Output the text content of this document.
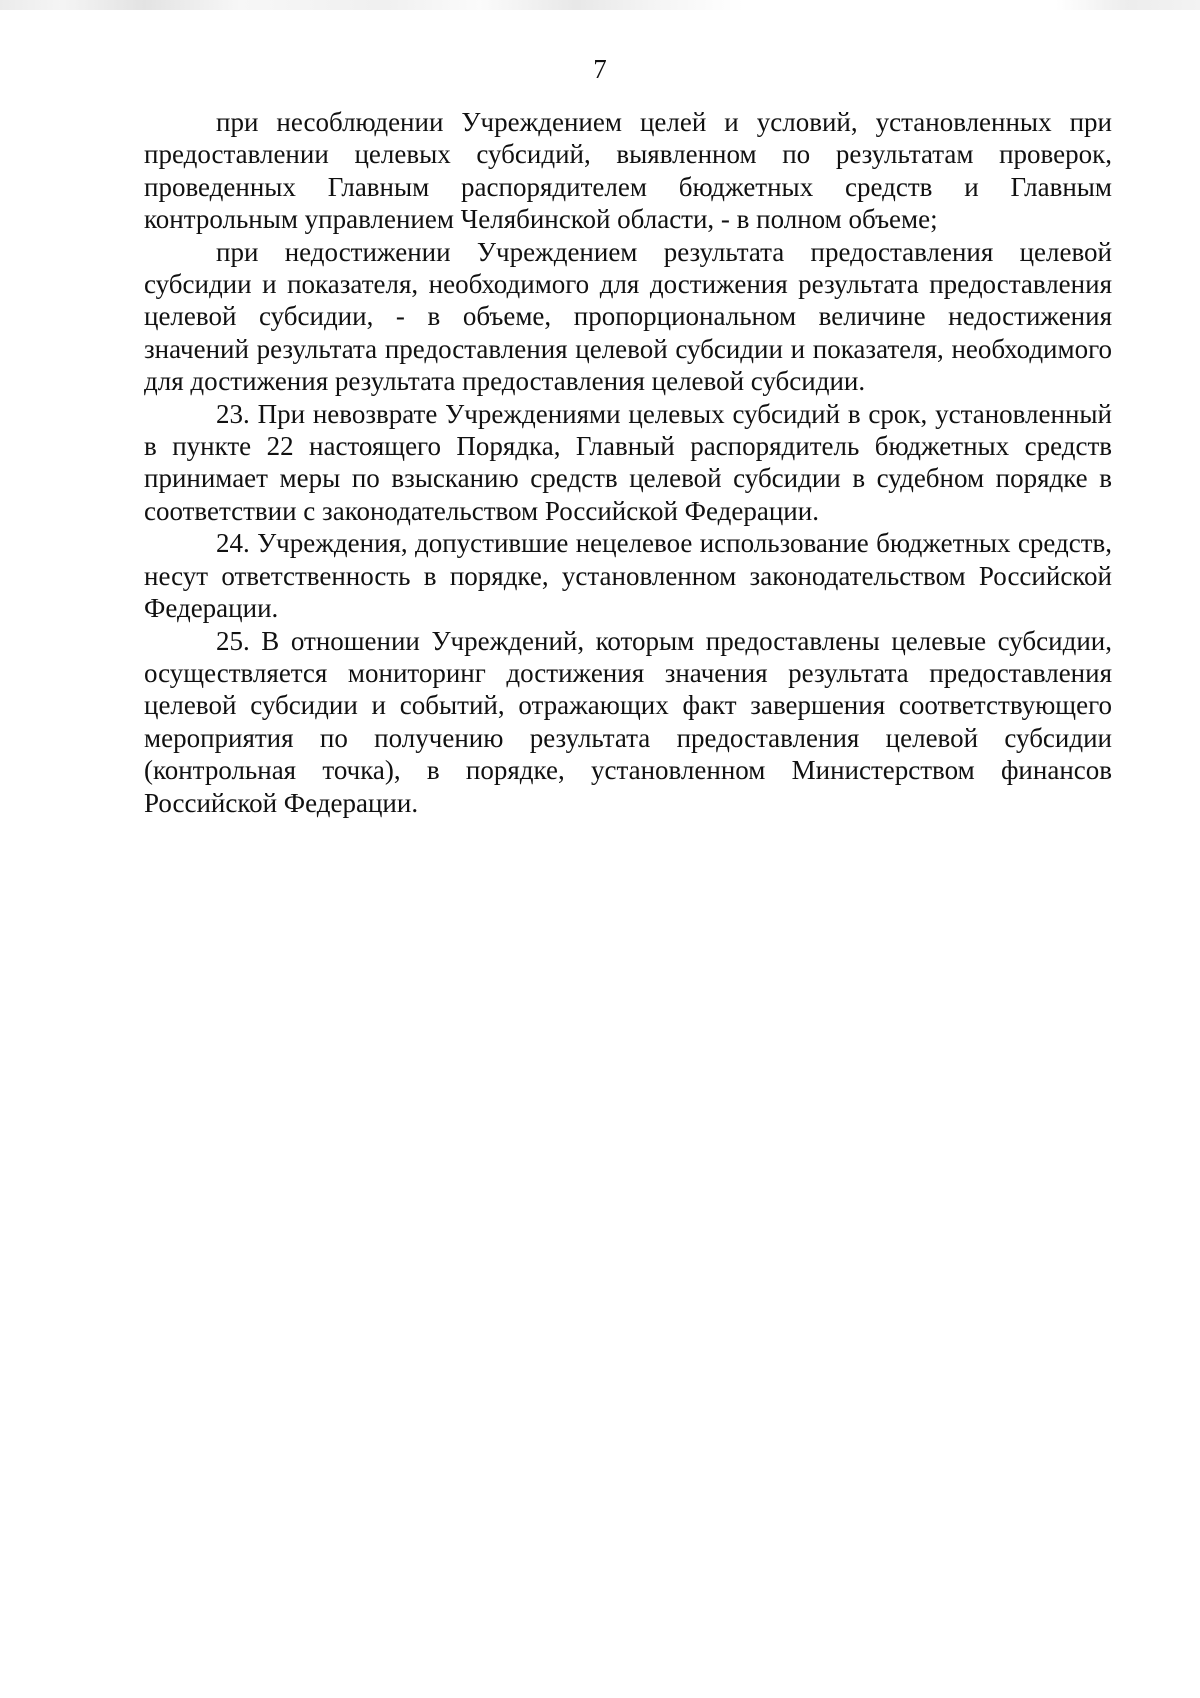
7

при несоблюдении Учреждением целей и условий, установленных при предоставлении целевых субсидий, выявленном по результатам проверок, проведенных Главным распорядителем бюджетных средств и Главным контрольным управлением Челябинской области, - в полном объеме;

при недостижении Учреждением результата предоставления целевой субсидии и показателя, необходимого для достижения результата предоставления целевой субсидии, - в объеме, пропорциональном величине недостижения значений результата предоставления целевой субсидии и показателя, необходимого для достижения результата предоставления целевой субсидии.

23. При невозврате Учреждениями целевых субсидий в срок, установленный в пункте 22 настоящего Порядка, Главный распорядитель бюджетных средств принимает меры по взысканию средств целевой субсидии в судебном порядке в соответствии с законодательством Российской Федерации.

24. Учреждения, допустившие нецелевое использование бюджетных средств, несут ответственность в порядке, установленном законодательством Российской Федерации.

25. В отношении Учреждений, которым предоставлены целевые субсидии, осуществляется мониторинг достижения значения результата предоставления целевой субсидии и событий, отражающих факт завершения соответствующего мероприятия по получению результата предоставления целевой субсидии (контрольная точка), в порядке, установленном Министерством финансов Российской Федерации.
